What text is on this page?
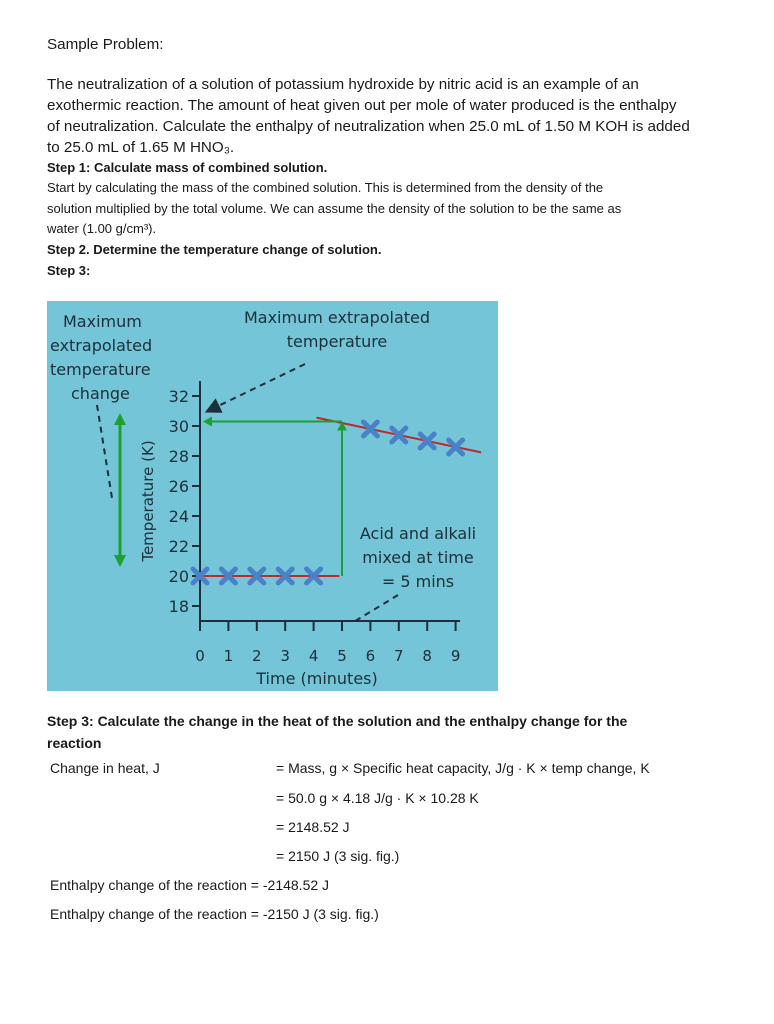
Sample Problem:
The neutralization of a solution of potassium hydroxide by nitric acid is an example of an
exothermic reaction. The amount of heat given out per mole of water produced is the enthalpy
of neutralization. Calculate the enthalpy of neutralization when 25.0 mL of 1.50 M KOH is added
to 25.0 mL of 1.65 M HNO₃.
Step 1: Calculate mass of combined solution.
Start by calculating the mass of the combined solution. This is determined from the density of the
solution multiplied by the total volume. We can assume the density of the solution to be the same as
water (1.00 g/cm³).
Step 2. Determine the temperature change of solution.
Step 3:
Maximum
extrapolated
temperature
change
Maximum extrapolated
temperature
Acid and alkali
mixed at time
= 5 mins
32
30
28
26
24
22
20
18
0 1 2 3 4 5 6 7 8 9
Temperature (K)
Time (minutes)
Step 3: Calculate the change in the heat of the solution and the enthalpy change for the
reaction
Change in heat, J	= Mass, g × Specific heat capacity, J/g · K × temp change, K
= 50.0 g × 4.18 J/g · K × 10.28 K
= 2148.52 J
= 2150 J (3 sig. fig.)
Enthalpy change of the reaction = -2148.52 J
Enthalpy change of the reaction = -2150 J (3 sig. fig.)
